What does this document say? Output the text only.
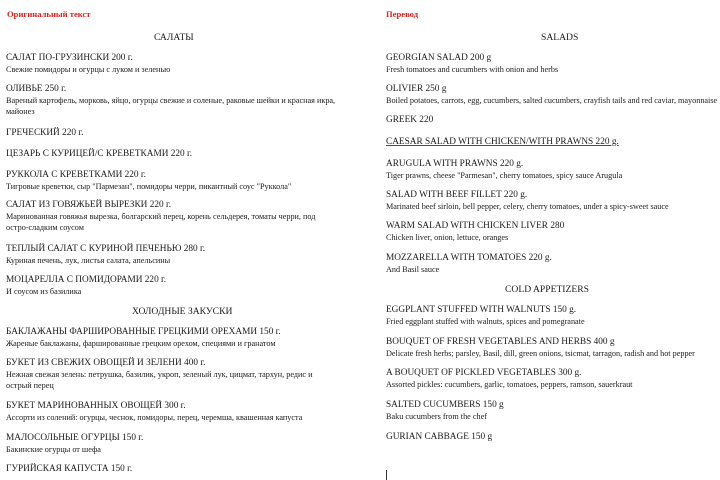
Оригинальный текст
САЛАТЫ
САЛАТ ПО-ГРУЗИНСКИ 200 г.
Свежие помидоры и огурцы с луком и зеленью
ОЛИВЬЕ 250 г.
Вареный картофель, морковь, яйцо, огурцы свежие и соленые, раковые шейки и красная икра,
майонез
ГРЕЧЕСКИЙ 220 г.
ЦЕЗАРЬ С КУРИЦЕЙ/С КРЕВЕТКАМИ 220 г.
РУККОЛА С КРЕВЕТКАМИ 220 г.
Тигровые креветки, сыр "Пармезан", помидоры черри, пикантный соус "Руккола"
САЛАТ ИЗ ГОВЯЖЬЕЙ ВЫРЕЗКИ 220 г.
Маринованная говяжья вырезка, болгарский перец, корень сельдерея, томаты черри, под
остро-сладким соусом
ТЕПЛЫЙ САЛАТ С КУРИНОЙ ПЕЧЕНЬЮ 280 г.
Куриная печень, лук, листья салата, апельсины
МОЦАРЕЛЛА С ПОМИДОРАМИ 220 г.
И соусом из базилика
ХОЛОДНЫЕ ЗАКУСКИ
БАКЛАЖАНЫ ФАРШИРОВАННЫЕ ГРЕЦКИМИ ОРЕХАМИ 150 г.
Жареные баклажаны, фаршированные грецким орехом, специями и гранатом
БУКЕТ ИЗ СВЕЖИХ ОВОЩЕЙ И ЗЕЛЕНИ 400 г.
Нежная свежая зелень: петрушка, базилик, укроп, зеленый лук, цицмат, тархун, редис и
острый перец
БУКЕТ МАРИНОВАННЫХ ОВОЩЕЙ 300 г.
Ассорти из солений: огурцы, чеснок, помидоры, перец, черемша, квашенная капуста
МАЛОСОЛЬНЫЕ ОГУРЦЫ 150 г.
Бакинские огурцы от шефа
ГУРИЙСКАЯ КАПУСТА 150 г.
Перевод
SALADS
GEORGIAN SALAD 200 g
Fresh tomatoes and cucumbers with onion and herbs
OLIVIER 250 g
Boiled potatoes, carrots, egg, cucumbers, salted cucumbers, crayfish tails and red caviar, mayonnaise
GREEK 220
CAESAR SALAD WITH CHICKEN/WITH PRAWNS 220 g.
ARUGULA WITH PRAWNS 220 g.
Tiger prawns, cheese "Parmesan", cherry tomatoes, spicy sauce Arugula
SALAD WITH BEEF FILLET 220 g.
Marinated beef sirloin, bell pepper, celery, cherry tomatoes, under a spicy-sweet sauce
WARM SALAD WITH CHICKEN LIVER 280
Chicken liver, onion, lettuce, oranges
MOZZARELLA WITH TOMATOES 220 g.
And Basil sauce
COLD APPETIZERS
EGGPLANT STUFFED WITH WALNUTS 150 g.
Fried eggplant stuffed with walnuts, spices and pomegranate
BOUQUET OF FRESH VEGETABLES AND HERBS 400 g
Delicate fresh herbs; parsley, Basil, dill, green onions, tsicmat, tarragon, radish and hot pepper
A BOUQUET OF PICKLED VEGETABLES 300 g.
Assorted pickles: cucumbers, garlic, tomatoes, peppers, ramson, sauerkraut
SALTED CUCUMBERS 150 g
Baku cucumbers from the chef
GURIAN CABBAGE 150 g
